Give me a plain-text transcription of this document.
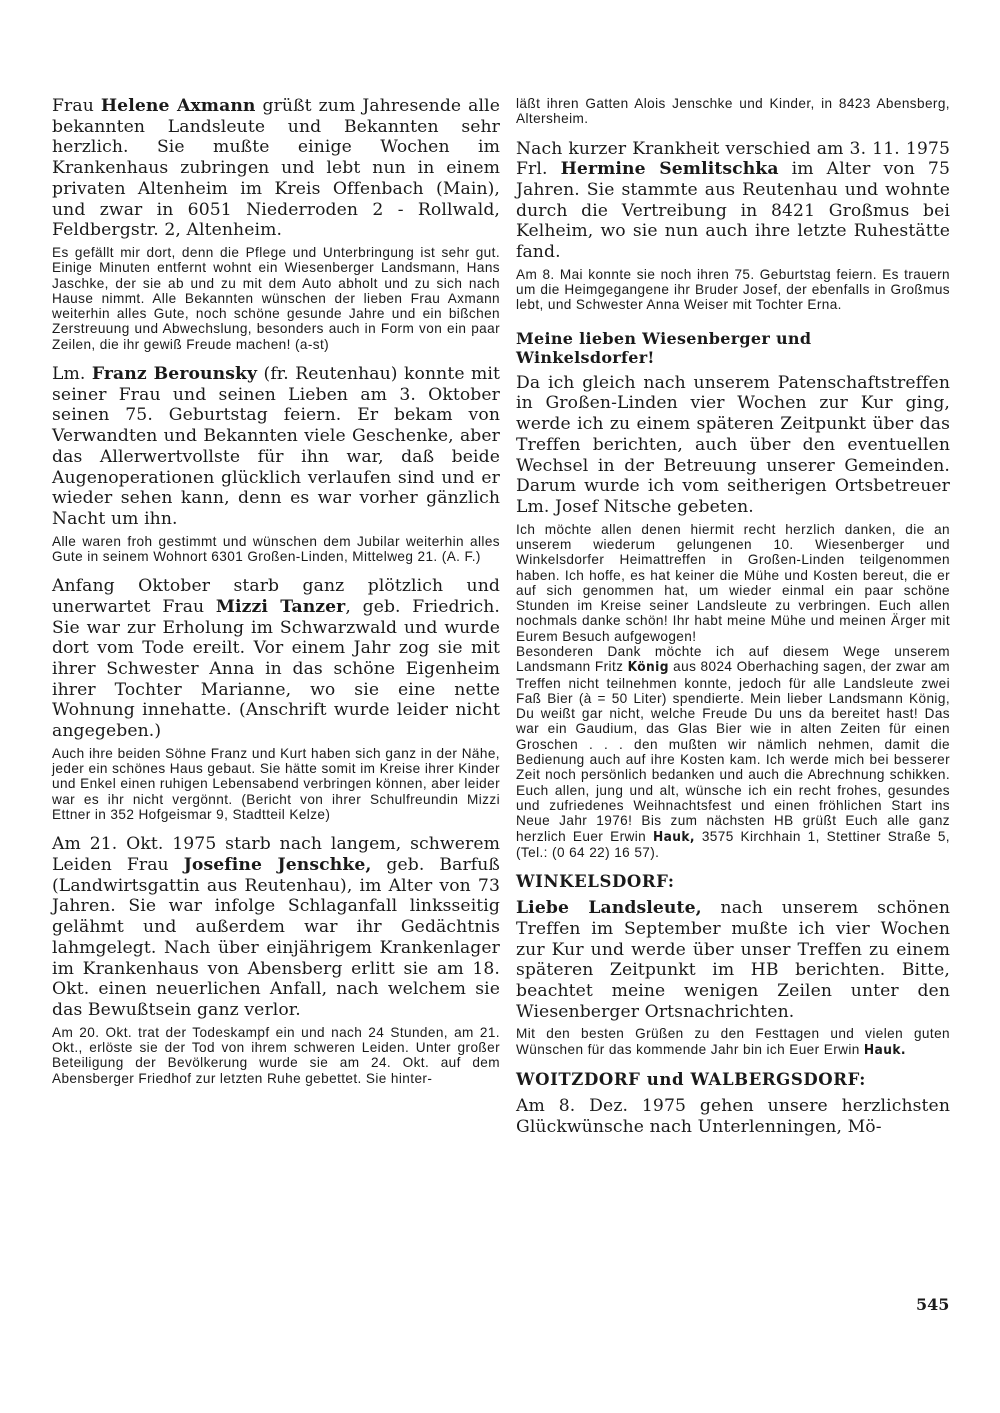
Frau Helene Axmann grüßt zum Jahresende alle bekannten Landsleute und Bekannten sehr herzlich. Sie mußte einige Wochen im Krankenhaus zubringen und lebt nun in einem privaten Altenheim im Kreis Offenbach (Main), und zwar in 6051 Niederroden 2 - Rollwald, Feldbergstr. 2, Altenheim.

Es gefällt mir dort, denn die Pflege und Unterbringung ist sehr gut. Einige Minuten entfernt wohnt ein Wiesenberger Landsmann, Hans Jaschke, der sie ab und zu mit dem Auto abholt und zu sich nach Hause nimmt. Alle Bekannten wünschen der lieben Frau Axmann weiterhin alles Gute, noch schöne gesunde Jahre und ein bißchen Zerstreuung und Abwechslung, besonders auch in Form von ein paar Zeilen, die ihr gewiß Freude machen! (a-st)

Lm. Franz Berounsky (fr. Reutenhau) konnte mit seiner Frau und seinen Lieben am 3. Oktober seinen 75. Geburtstag feiern. Er bekam von Verwandten und Bekannten viele Geschenke, aber das Allerwertvollste für ihn war, daß beide Augenoperationen glücklich verlaufen sind und er wieder sehen kann, denn es war vorher gänzlich Nacht um ihn.

Alle waren froh gestimmt und wünschen dem Jubilar weiterhin alles Gute in seinem Wohnort 6301 Großen-Linden, Mittelweg 21. (A. F.)

Anfang Oktober starb ganz plötzlich und unerwartet Frau Mizzi Tanzer, geb. Friedrich. Sie war zur Erholung im Schwarzwald und wurde dort vom Tode ereilt. Vor einem Jahr zog sie mit ihrer Schwester Anna in das schöne Eigenheim ihrer Tochter Marianne, wo sie eine nette Wohnung innehatte. (Anschrift wurde leider nicht angegeben.)

Auch ihre beiden Söhne Franz und Kurt haben sich ganz in der Nähe, jeder ein schönes Haus gebaut. Sie hätte somit im Kreise ihrer Kinder und Enkel einen ruhigen Lebensabend verbringen können, aber leider war es ihr nicht vergönnt. (Bericht von ihrer Schulfreundin Mizzi Ettner in 352 Hofgeismar 9, Stadtteil Kelze)

Am 21. Okt. 1975 starb nach langem, schwerem Leiden Frau Josefine Jenschke, geb. Barfuß (Landwirtsgattin aus Reutenhau), im Alter von 73 Jahren. Sie war infolge Schlaganfall linksseitig gelähmt und außerdem war ihr Gedächtnis lahmgelegt. Nach über einjährigem Krankenlager im Krankenhaus von Abensberg erlitt sie am 18. Okt. einen neuerlichen Anfall, nach welchem sie das Bewußtsein ganz verlor.

Am 20. Okt. trat der Todeskampf ein und nach 24 Stunden, am 21. Okt., erlöste sie der Tod von ihrem schweren Leiden. Unter großer Beteiligung der Bevölkerung wurde sie am 24. Okt. auf dem Abensberger Friedhof zur letzten Ruhe gebettet. Sie hinter-

läßt ihren Gatten Alois Jenschke und Kinder, in 8423 Abensberg, Altersheim.

Nach kurzer Krankheit verschied am 3. 11. 1975 Frl. Hermine Semlitschka im Alter von 75 Jahren. Sie stammte aus Reutenhau und wohnte durch die Vertreibung in 8421 Großmus bei Kelheim, wo sie nun auch ihre letzte Ruhestätte fand.

Am 8. Mai konnte sie noch ihren 75. Geburtstag feiern. Es trauern um die Heimgegangene ihr Bruder Josef, der ebenfalls in Großmus lebt, und Schwester Anna Weiser mit Tochter Erna.

Meine lieben Wiesenberger und Winkelsdorfer!

Da ich gleich nach unserem Patenschaftstreffen in Großen-Linden vier Wochen zur Kur ging, werde ich zu einem späteren Zeitpunkt über das Treffen berichten, auch über den eventuellen Wechsel in der Betreuung unserer Gemeinden. Darum wurde ich vom seitherigen Ortsbetreuer Lm. Josef Nitsche gebeten.

Ich möchte allen denen hiermit recht herzlich danken, die an unserem wiederum gelungenen 10. Wiesenberger und Winkelsdorfer Heimattreffen in Großen-Linden teilgenommen haben. Ich hoffe, es hat keiner die Mühe und Kosten bereut, die er auf sich genommen hat, um wieder einmal ein paar schöne Stunden im Kreise seiner Landsleute zu verbringen. Euch allen nochmals danke schön! Ihr habt meine Mühe und meinen Ärger mit Eurem Besuch aufgewogen!

Besonderen Dank möchte ich auf diesem Wege unserem Landsmann Fritz König aus 8024 Oberhaching sagen, der zwar am Treffen nicht teilnehmen konnte, jedoch für alle Landsleute zwei Faß Bier (à = 50 Liter) spendierte. Mein lieber Landsmann König, Du weißt gar nicht, welche Freude Du uns da bereitet hast! Das war ein Gaudium, das Glas Bier wie in alten Zeiten für einen Groschen . . . den mußten wir nämlich nehmen, damit die Bedienung auch auf ihre Kosten kam. Ich werde mich bei besserer Zeit noch persönlich bedanken und auch die Abrechnung schikken. Euch allen, jung und alt, wünsche ich ein recht frohes, gesundes und zufriedenes Weihnachtsfest und einen fröhlichen Start ins Neue Jahr 1976! Bis zum nächsten HB grüßt Euch alle ganz herzlich Euer Erwin Hauk, 3575 Kirchhain 1, Stettiner Straße 5, (Tel.: (0 64 22) 16 57).

WINKELSDORF:

Liebe Landsleute, nach unserem schönen Treffen im September mußte ich vier Wochen zur Kur und werde über unser Treffen zu einem späteren Zeitpunkt im HB berichten. Bitte, beachtet meine wenigen Zeilen unter den Wiesenberger Ortsnachrichten.

Mit den besten Grüßen zu den Festtagen und vielen guten Wünschen für das kommende Jahr bin ich Euer Erwin Hauk.

WOITZDORF und WALBERGSDORF:

Am 8. Dez. 1975 gehen unsere herzlichsten Glückwünsche nach Unterlenningen, Mö-

545
